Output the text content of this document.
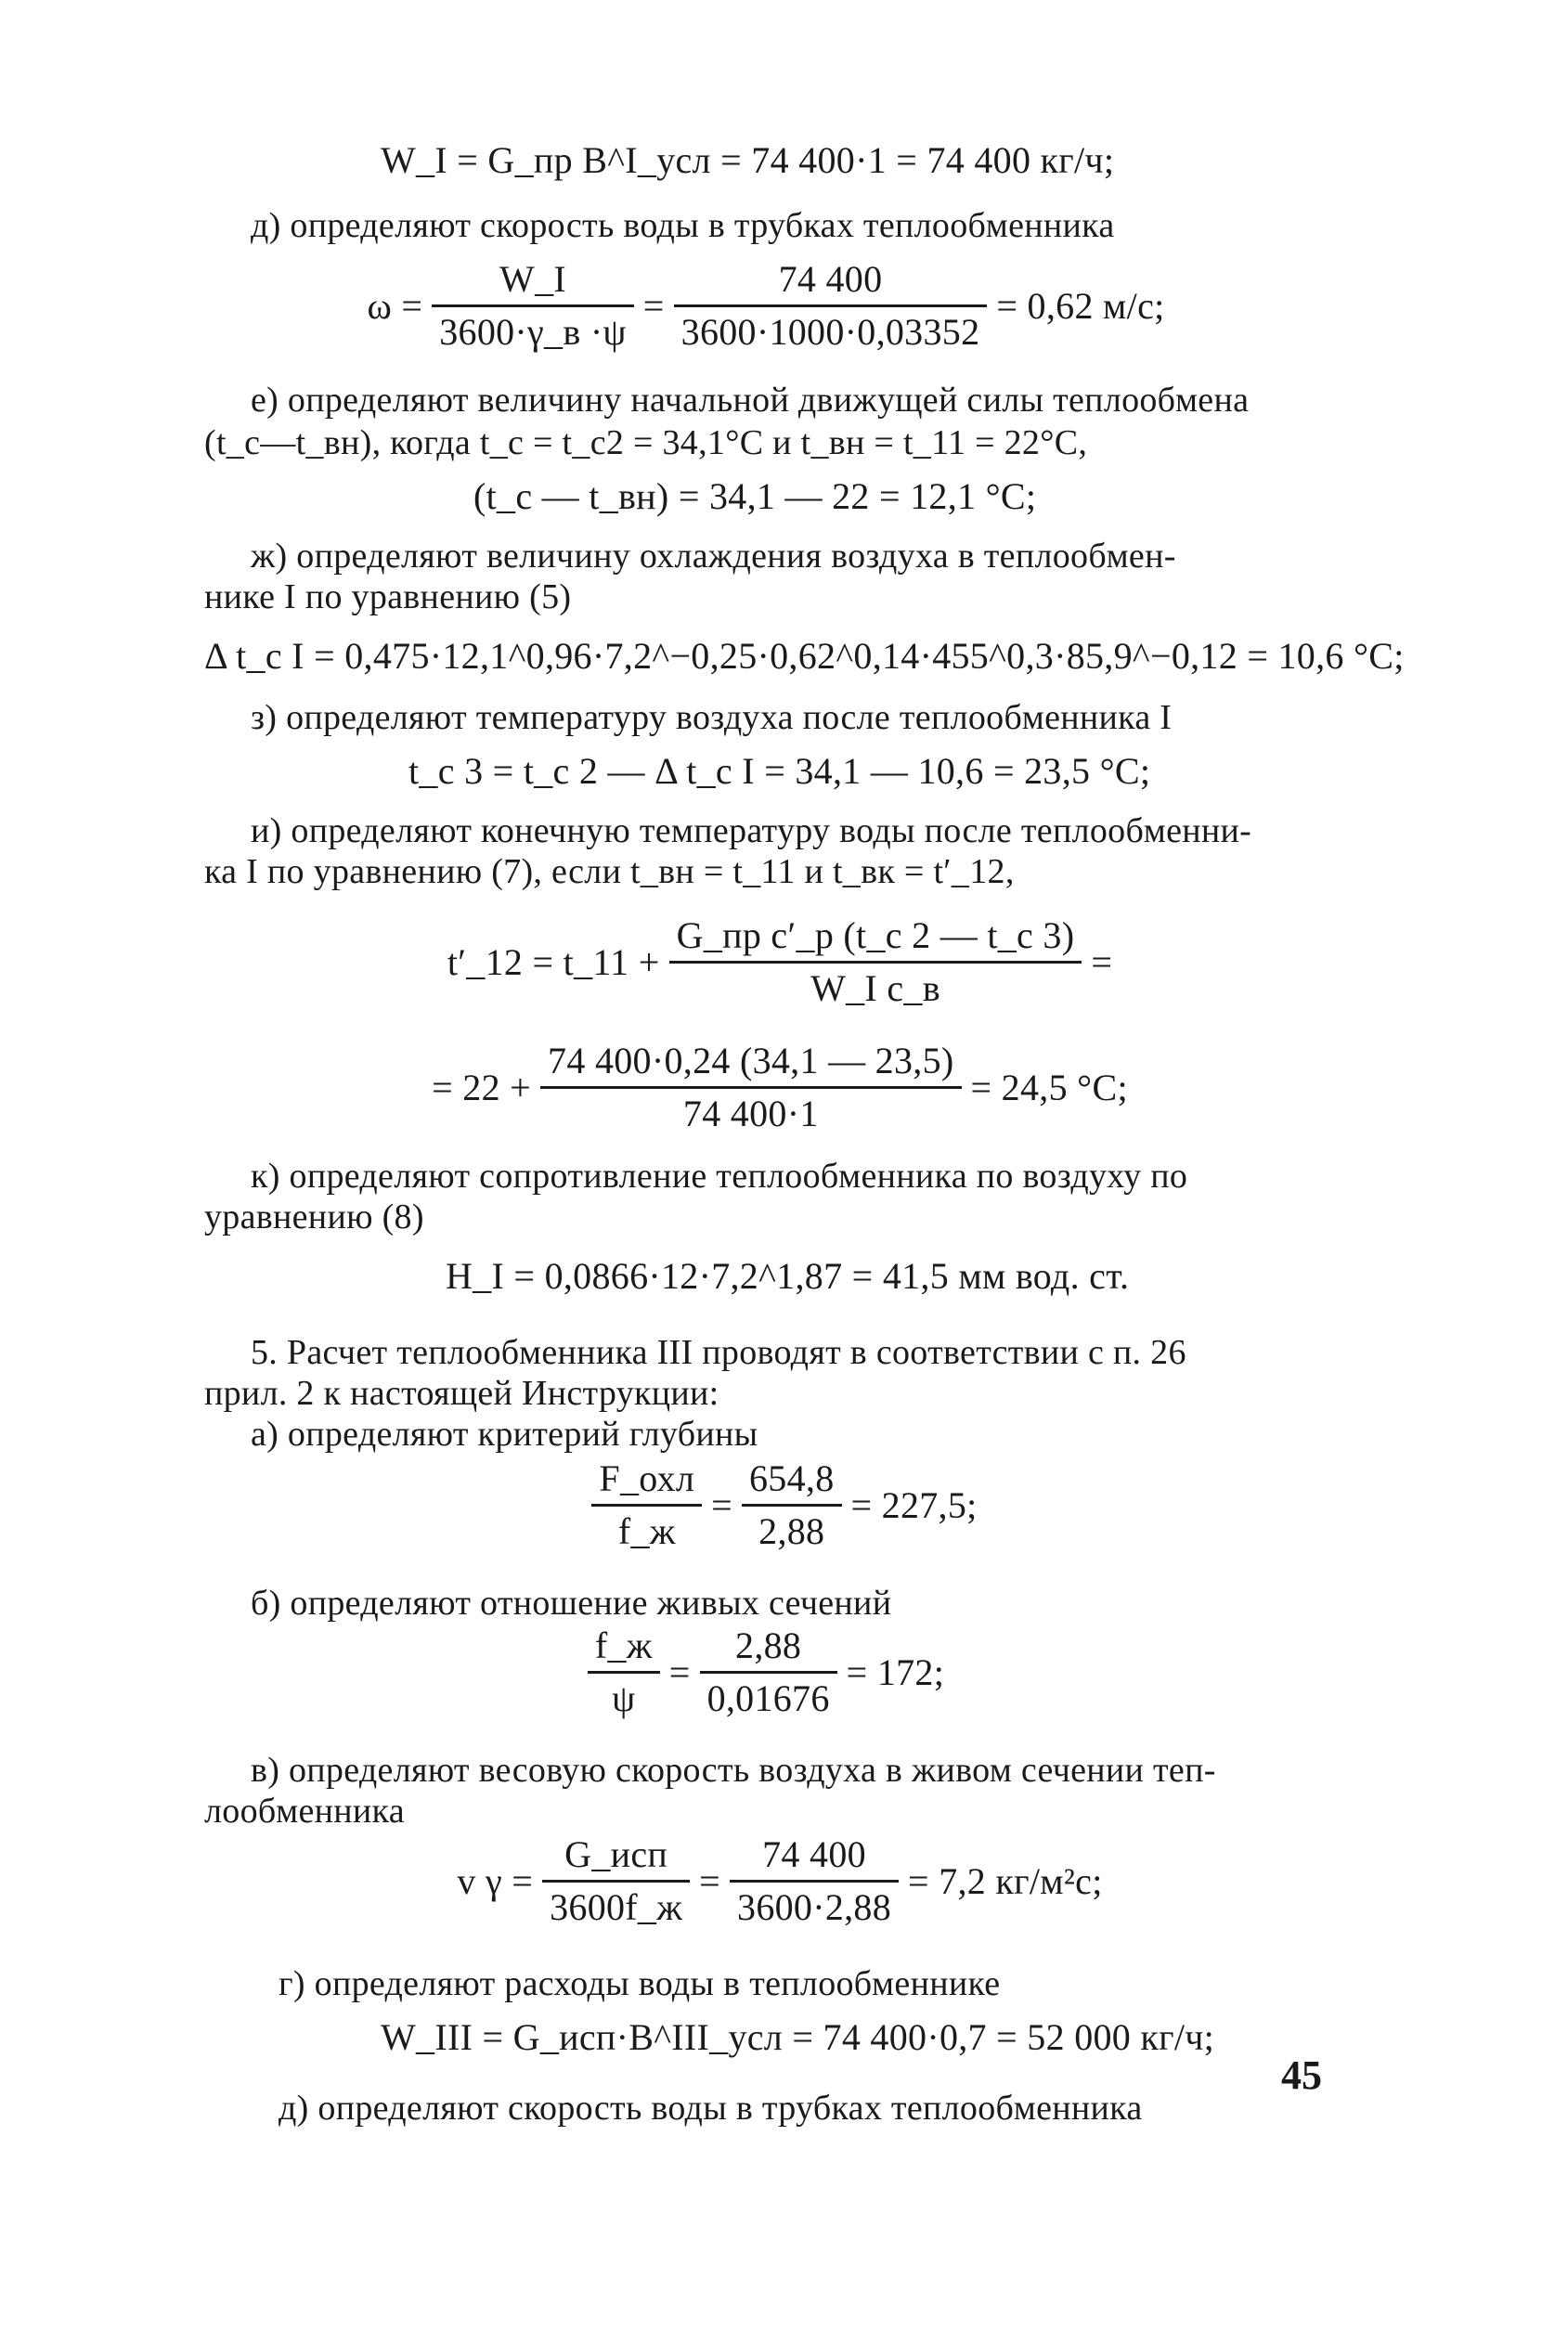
W_I = G_пр B^I_усл = 74 400·1 = 74 400 кг/ч;
д) определяют скорость воды в трубках теплообменника
$\omega = \frac{W\_I}{3600\cdot\gamma\_в \cdot\psi} = \frac{74 400}{3600\cdot 1000\cdot 0,03352} = 0,62$ м/с;
е) определяют величину начальной движущей силы теплообмена
(t_c—t_вн), когда t_c = t_c2 = 34,1°С и t_вн = t_11 = 22°С,
(t_c — t_вн) = 34,1 — 22 = 12,1 °C;
ж) определяют величину охлаждения воздуха в теплообмен-
нике I по уравнению (5)
Δ t_c I = 0,475·12,1^0,96·7,2^−0,25·0,62^0,14·455^0,3·85,9^−0,12 = 10,6 °C;
з) определяют температуру воздуха после теплообменника I
t_c 3 = t_c 2 — Δ t_c I = 34,1 — 10,6 = 23,5 °C;
и) определяют конечную температуру воды после теплообменни-
ка I по уравнению (7), если t_вн = t_11 и t_вк = t′_12,
t′_12 = t_11 + $\frac{\text{G\_пр c′\_p (t\_c 2 — t\_c 3)}}{\text{W\_I c\_в}}$ =
= $22 + \frac{74 400\cdot 0,24 (34,1 — 23,5)}{74 400\cdot 1} = 24,5$ °C;
к) определяют сопротивление теплообменника по воздуху по
уравнению (8)
H_I = 0,0866·12·7,2^1,87 = 41,5 мм вод. ст.
5. Расчет теплообменника III проводят в соответствии с п. 26
прил. 2 к настоящей Инструкции:
а) определяют критерий глубины
$\frac{\text{F\_охл}}{f\_ж} = \frac{654,8}{2,88} = 227,5$;
б) определяют отношение живых сечений
$\frac{f\_ж}{\psi} = \frac{2,88}{0,01676} = 172$;
в) определяют весовую скорость воздуха в живом сечении теп-
лообменника
v $\gamma = \frac{\text{G\_исп}}{3600f\_ж} = \frac{74 400}{3600\cdot 2,88} = 7,2$ кг/м²с;
г) определяют расходы воды в теплообменнике
W_III = G_исп·B^III_усл = 74 400·0,7 = 52 000 кг/ч;
д) определяют скорость воды в трубках теплообменника
45
